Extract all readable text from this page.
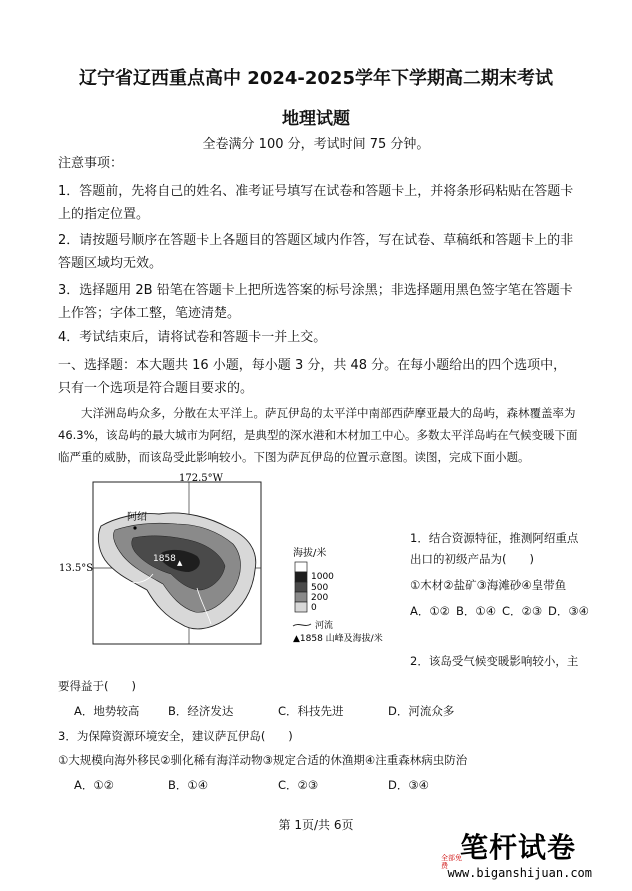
辽宁省辽西重点高中 2024-2025学年下学期高二期末考试
地理试题
全卷满分 100 分，考试时间 75 分钟。
注意事项：
1．答题前，先将自己的姓名、准考证号填写在试卷和答题卡上，并将条形码粘贴在答题卡上的指定位置。
2．请按题号顺序在答题卡上各题目的答题区域内作答，写在试卷、草稿纸和答题卡上的非答题区域均无效。
3．选择题用 2B 铅笔在答题卡上把所选答案的标号涂黑；非选择题用黑色签字笔在答题卡上作答；字体工整，笔迹清楚。
4．考试结束后，请将试卷和答题卡一并上交。
一、选择题：本大题共 16 小题，每小题 3 分，共 48 分。在每小题给出的四个选项中，只有一个选项是符合题目要求的。
大洋洲岛屿众多，分散在太平洋上。萨瓦伊岛的太平洋中南部西萨摩亚最大的岛屿，森林覆盖率为 46.3%，该岛屿的最大城市为阿绍，是典型的深水港和木材加工中心。多数太平洋岛屿在气候变暖下面临严重的威胁，而该岛受此影响较小。下图为萨瓦伊岛的位置示意图。读图，完成下面小题。
172.5°W
13.5°S
阿绍
1858 ▲
海拔/米
1000
500
200
0
河流
▲1858 山峰及海拔/米
1．结合资源特征，推测阿绍重点出口的初级产品为(　　)
①木材②盐矿③海滩砂④皇带鱼
A．①② B．①④ C．②③ D．③④
2．该岛受气候变暖影响较小，主
要得益于(　　)
A．地势较高 B．经济发达	C．科技先进	D．河流众多
3．为保障资源环境安全，建议萨瓦伊岛(　　)
①大规模向海外移民②驯化稀有海洋动物③规定合适的休渔期④注重森林病虫防治
A．①②	B．①④	C．②③	D．③④
第 1页/共 6页
笔杆试卷
全部免费 www.biganshijuan.com
